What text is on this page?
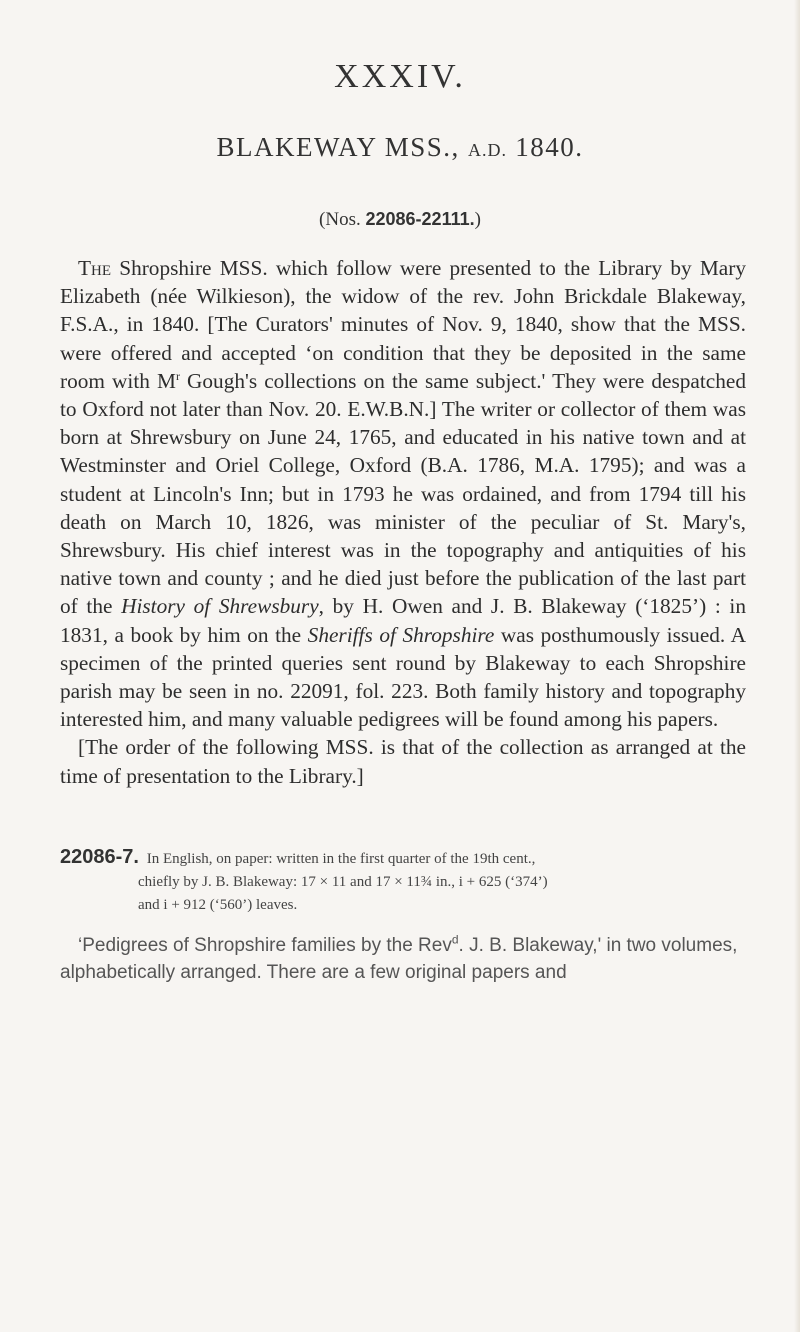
XXXIV.
BLAKEWAY MSS., A.D. 1840.
(Nos. 22086-22111.)

The Shropshire MSS. which follow were presented to the Library by Mary Elizabeth (née Wilkieson), the widow of the rev. John Brickdale Blakeway, F.S.A., in 1840. [The Curators' minutes of Nov. 9, 1840, show that the MSS. were offered and accepted ‘on condition that they be deposited in the same room with $M^r$ Gough's collections on the same subject.' They were despatched to Oxford not later than Nov. 20. E.W.B.N.] The writer or collector of them was born at Shrewsbury on June 24, 1765, and educated in his native town and at Westminster and Oriel College, Oxford (B.A. 1786, M.A. 1795); and was a student at Lincoln's Inn; but in 1793 he was ordained, and from 1794 till his death on March 10, 1826, was minister of the peculiar of St. Mary's, Shrewsbury. His chief interest was in the topography and antiquities of his native town and county ; and he died just before the publication of the last part of the History of Shrewsbury, by H. Owen and J. B. Blakeway (‘1825’) : in 1831, a book by him on the Sheriffs of Shropshire was posthumously issued. A specimen of the printed queries sent round by Blakeway to each Shropshire parish may be seen in no. 22091, fol. 223. Both family history and topography interested him, and many valuable pedigrees will be found among his papers.

[The order of the following MSS. is that of the collection as arranged at the time of presentation to the Library.]

22086-7. In English, on paper: written in the first quarter of the 19th cent.,
chiefly by J. B. Blakeway: 17 × 11 and 17 × 11¾ in., i + 625 (‘374’)
and i + 912 (‘560’) leaves.
‘Pedigrees of Shropshire families by the Rev$^d$. J. B. Blakeway,' in two volumes, alphabetically arranged. There are a few original papers and
